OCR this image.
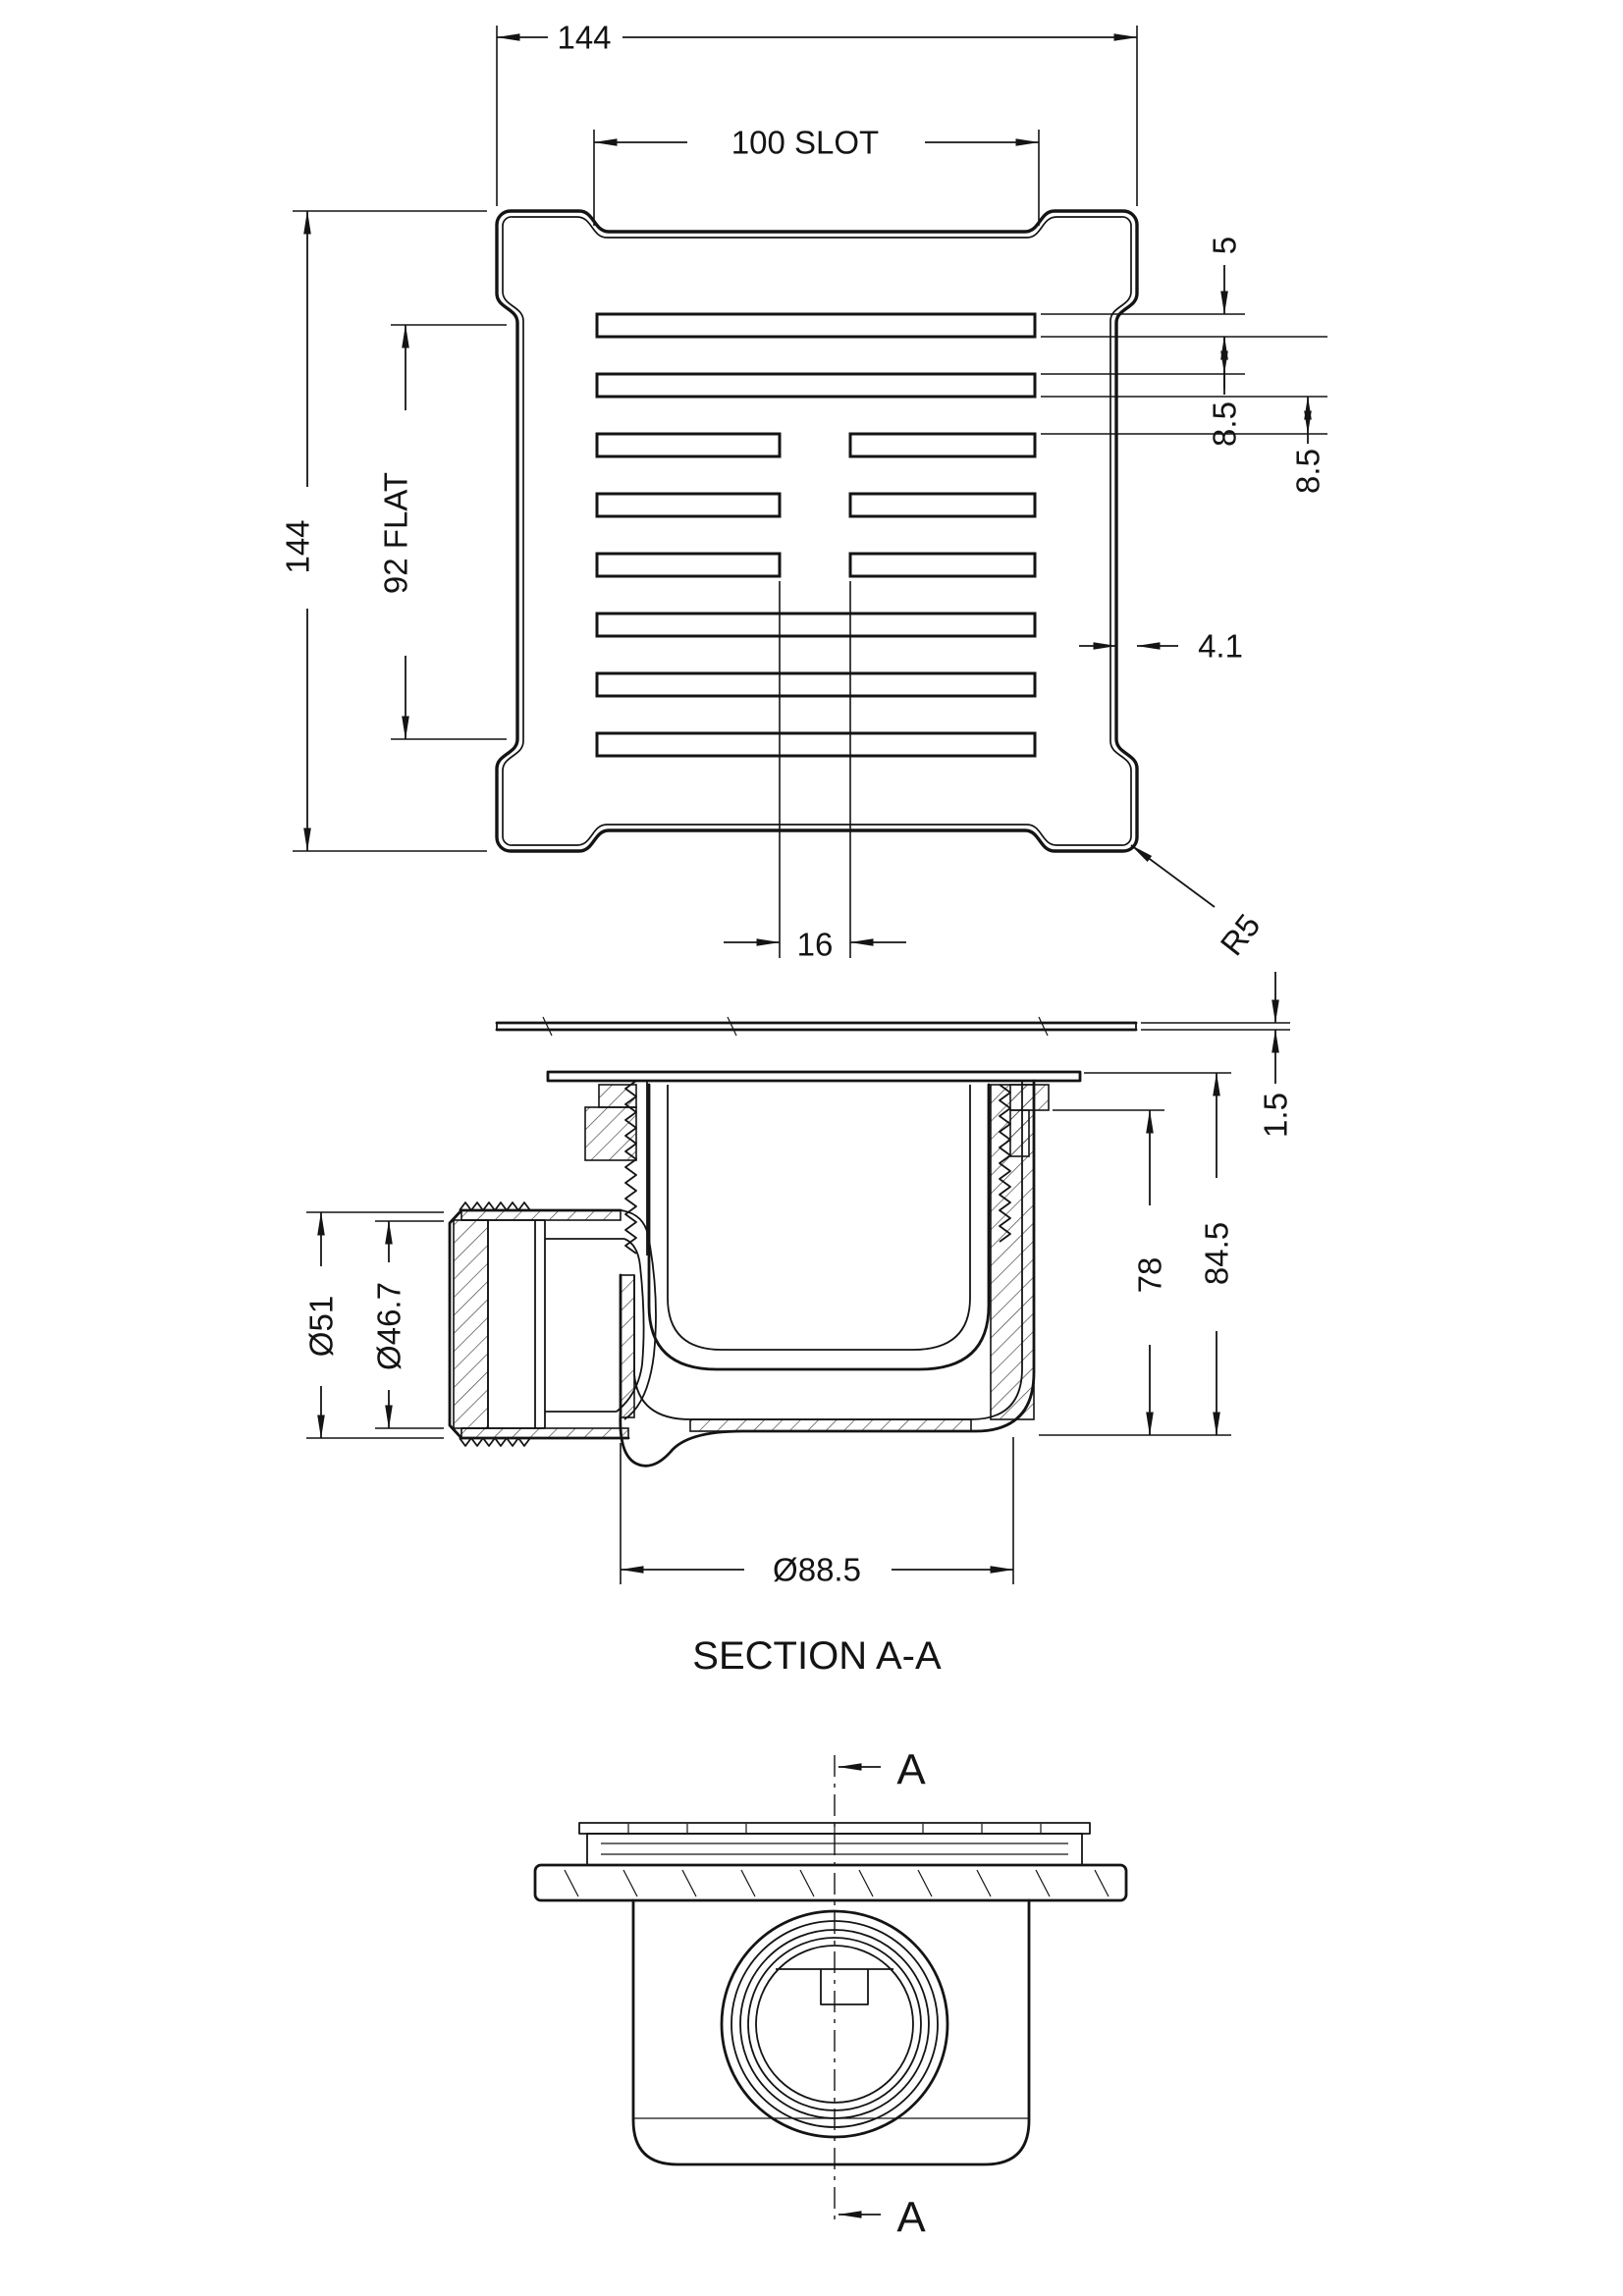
144
100 SLOT
144 92 FLAT
5
8.5
8.5
4.1
16	R5
1.5
84.5
78
Ø51 Ø46.7
Ø88.5
SECTION A-A
A
A
